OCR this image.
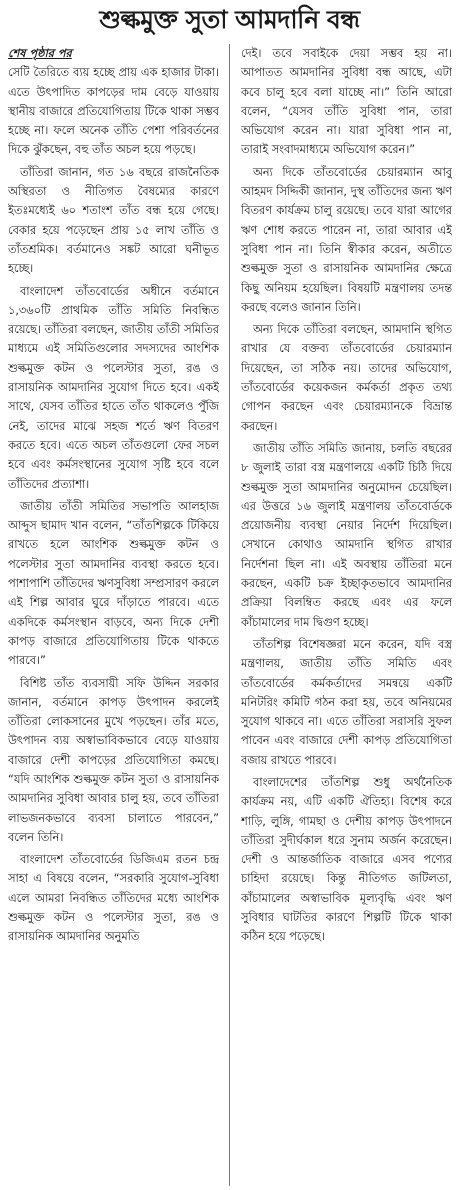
শুল্কমুক্ত সুতা আমদানি বন্ধ
শেষ পৃষ্ঠার পর

সেটি তৈরিতে ব্যয় হচ্ছে প্রায় এক হাজার টাকা। এতে উৎপাদিত কাপড়ের দাম বেড়ে যাওয়ায় স্থানীয় বাজারে প্রতিযোগিতায় টিকে থাকা সম্ভব হচ্ছে না। ফলে অনেক তাঁতি পেশা পরিবর্তনের দিকে ঝুঁকছেন, বহু তাঁত অচল হয়ে পড়ছে।

তাঁতিরা জানান, গত ১৬ বছরে রাজনৈতিক অস্থিরতা ও নীতিগত বৈষম্যের কারণে ইতঃমধ্যেই ৬০ শতাংশ তাঁত বন্ধ হয়ে গেছে। বেকার হয়ে পড়েছেন প্রায় ১৫ লাখ তাঁতি ও তাঁতশ্রমিক। বর্তমানেও সঙ্কট আরো ঘনীভূত হচ্ছে।

বাংলাদেশ তাঁতবোর্ডের অধীনে বর্তমানে ১,৩৬০টি প্রাথমিক তাঁতি সমিতি নিবন্ধিত রয়েছে। তাঁতিরা বলছেন, জাতীয় তাঁতী সমিতির মাধ্যমে এই সমিতিগুলোর সদস্যদের আংশিক শুল্কমুক্ত কটন ও পলেস্টার সুতা, রঙ ও রাসায়নিক আমদানির সুযোগ দিতে হবে। একই সাথে, যেসব তাঁতির হাতে তাঁত থাকলেও পুঁজি নেই, তাদের মাঝে সহজ শর্তে ঋণ বিতরণ করতে হবে। এতে অচল তাঁতগুলো ফের সচল হবে এবং কর্মসংস্থানের সুযোগ সৃষ্টি হবে বলে তাঁতিদের প্রত্যাশা।

জাতীয় তাঁতী সমিতির সভাপতি আলহাজ আব্দুস ছামাদ খান বলেন, “তাঁতশিল্পকে টিকিয়ে রাখতে হলে আংশিক শুল্কমুক্ত কটন ও পলেস্টার সুতা আমদানির ব্যবস্থা করতে হবে। পাশাপাশি তাঁতিদের ঋণসুবিধা সম্প্রসারণ করলে এই শিল্প আবার ঘুরে দাঁড়াতে পারবে। এতে একদিকে কর্মসংস্থান বাড়বে, অন্য দিকে দেশী কাপড় বাজারে প্রতিযোগিতায় টিকে থাকতে পারবে।”

বিশিষ্ট তাঁত ব্যবসায়ী সফি উদ্দিন সরকার জানান, বর্তমানে কাপড় উৎপাদন করলেই তাঁতিরা লোকসানের মুখে পড়ছেন। তাঁর মতে, উৎপাদন ব্যয় অস্বাভাবিকভাবে বেড়ে যাওয়ায় বাজারে দেশী কাপড়ের প্রতিযোগিতা কমছে। “যদি আংশিক শুল্কমুক্ত কটন সুতা ও রাসায়নিক আমদানির সুবিধা আবার চালু হয়, তবে তাঁতিরা লাভজনকভাবে ব্যবসা চালাতে পারবেন,” বলেন তিনি।

বাংলাদেশ তাঁতবোর্ডের ডিজিএম রতন চন্দ্র সাহা এ বিষয়ে বলেন, “সরকারি সুযোগ-সুবিধা এলে আমরা নিবন্ধিত তাঁতিদের মধ্যে আংশিক শুল্কমুক্ত কটন ও পলেস্টার সুতা, রঙ ও রাসায়নিক আমদানির অনুমতি

দেই। তবে সবাইকে দেয়া সম্ভব হয় না। আপাতত আমদানির সুবিধা বন্ধ আছে, এটা কবে চালু হবে বলা যাচ্ছে না।” তিনি আরো বলেন, “যেসব তাঁতি সুবিধা পান, তারা অভিযোগ করেন না। যারা সুবিধা পান না, তারাই সংবাদমাধ্যমে অভিযোগ করেন।”

অন্য দিকে তাঁতবোর্ডের চেয়ারম্যান আবু আহমদ সিদ্দিকী জানান, দুস্থ তাঁতিদের জন্য ঋণ বিতরণ কার্যক্রম চালু রয়েছে। তবে যারা আগের ঋণ শোধ করতে পারেন না, তারা আবার এই সুবিধা পান না। তিনি স্বীকার করেন, অতীতে শুল্কমুক্ত সুতা ও রাসায়নিক আমদানির ক্ষেত্রে কিছু অনিয়ম হয়েছিল। বিষয়টি মন্ত্রণালয় তদন্ত করছে বলেও জানান তিনি।

অন্য দিকে তাঁতিরা বলছেন, আমদানি স্থগিত রাখার যে বক্তব্য তাঁতবোর্ডের চেয়ারম্যান দিয়েছেন, তা সঠিক নয়। তাদের অভিযোগ, তাঁতবোর্ডের কয়েকজন কর্মকর্তা প্রকৃত তথ্য গোপন করছেন এবং চেয়ারম্যানকে বিভ্রান্ত করছেন।

জাতীয় তাঁতি সমিতি জানায়, চলতি বছরের ৮ জুলাই তারা বস্ত্র মন্ত্রণালয়ে একটি চিঠি দিয়ে শুল্কমুক্ত সুতা আমদানির অনুমোদন চেয়েছিল। এর উত্তরে ১৬ জুলাই মন্ত্রণালয় তাঁতবোর্ডকে প্রয়োজনীয় ব্যবস্থা নেয়ার নির্দেশ দিয়েছিল। সেখানে কোথাও আমদানি স্থগিত রাখার নির্দেশনা ছিল না। এই অবস্থায় তাঁতিরা মনে করছেন, একটি চক্র ইচ্ছাকৃতভাবে আমদানির প্রক্রিয়া বিলম্বিত করছে এবং এর ফলে কাঁচামালের দাম দ্বিগুণ হচ্ছে।

তাঁতশিল্প বিশেষজ্ঞরা মনে করেন, যদি বস্ত্র মন্ত্রণালয়, জাতীয় তাঁতি সমিতি এবং তাঁতবোর্ডের কর্মকর্তাদের সমন্বয়ে একটি মনিটরিং কমিটি গঠন করা হয়, তবে অনিয়মের সুযোগ থাকবে না। এতে তাঁতিরা সরাসরি সুফল পাবেন এবং বাজারে দেশী কাপড় প্রতিযোগিতা বজায় রাখতে পারবে।

বাংলাদেশের তাঁতশিল্প শুধু অর্থনৈতিক কার্যক্রম নয়, এটি একটি ঐতিহ্য। বিশেষ করে শাড়ি, লুঙ্গি, গামছা ও দেশীয় কাপড় উৎপাদনে তাঁতিরা সুদীর্ঘকাল ধরে সুনাম অর্জন করেছেন। দেশী ও আন্তর্জাতিক বাজারে এসব পণ্যের চাহিদা রয়েছে। কিন্তু নীতিগত জটিলতা, কাঁচামালের অস্বাভাবিক মূল্যবৃদ্ধি এবং ঋণ সুবিধার ঘাটতির কারণে শিল্পটি টিকে থাকা কঠিন হয়ে পড়েছে।
